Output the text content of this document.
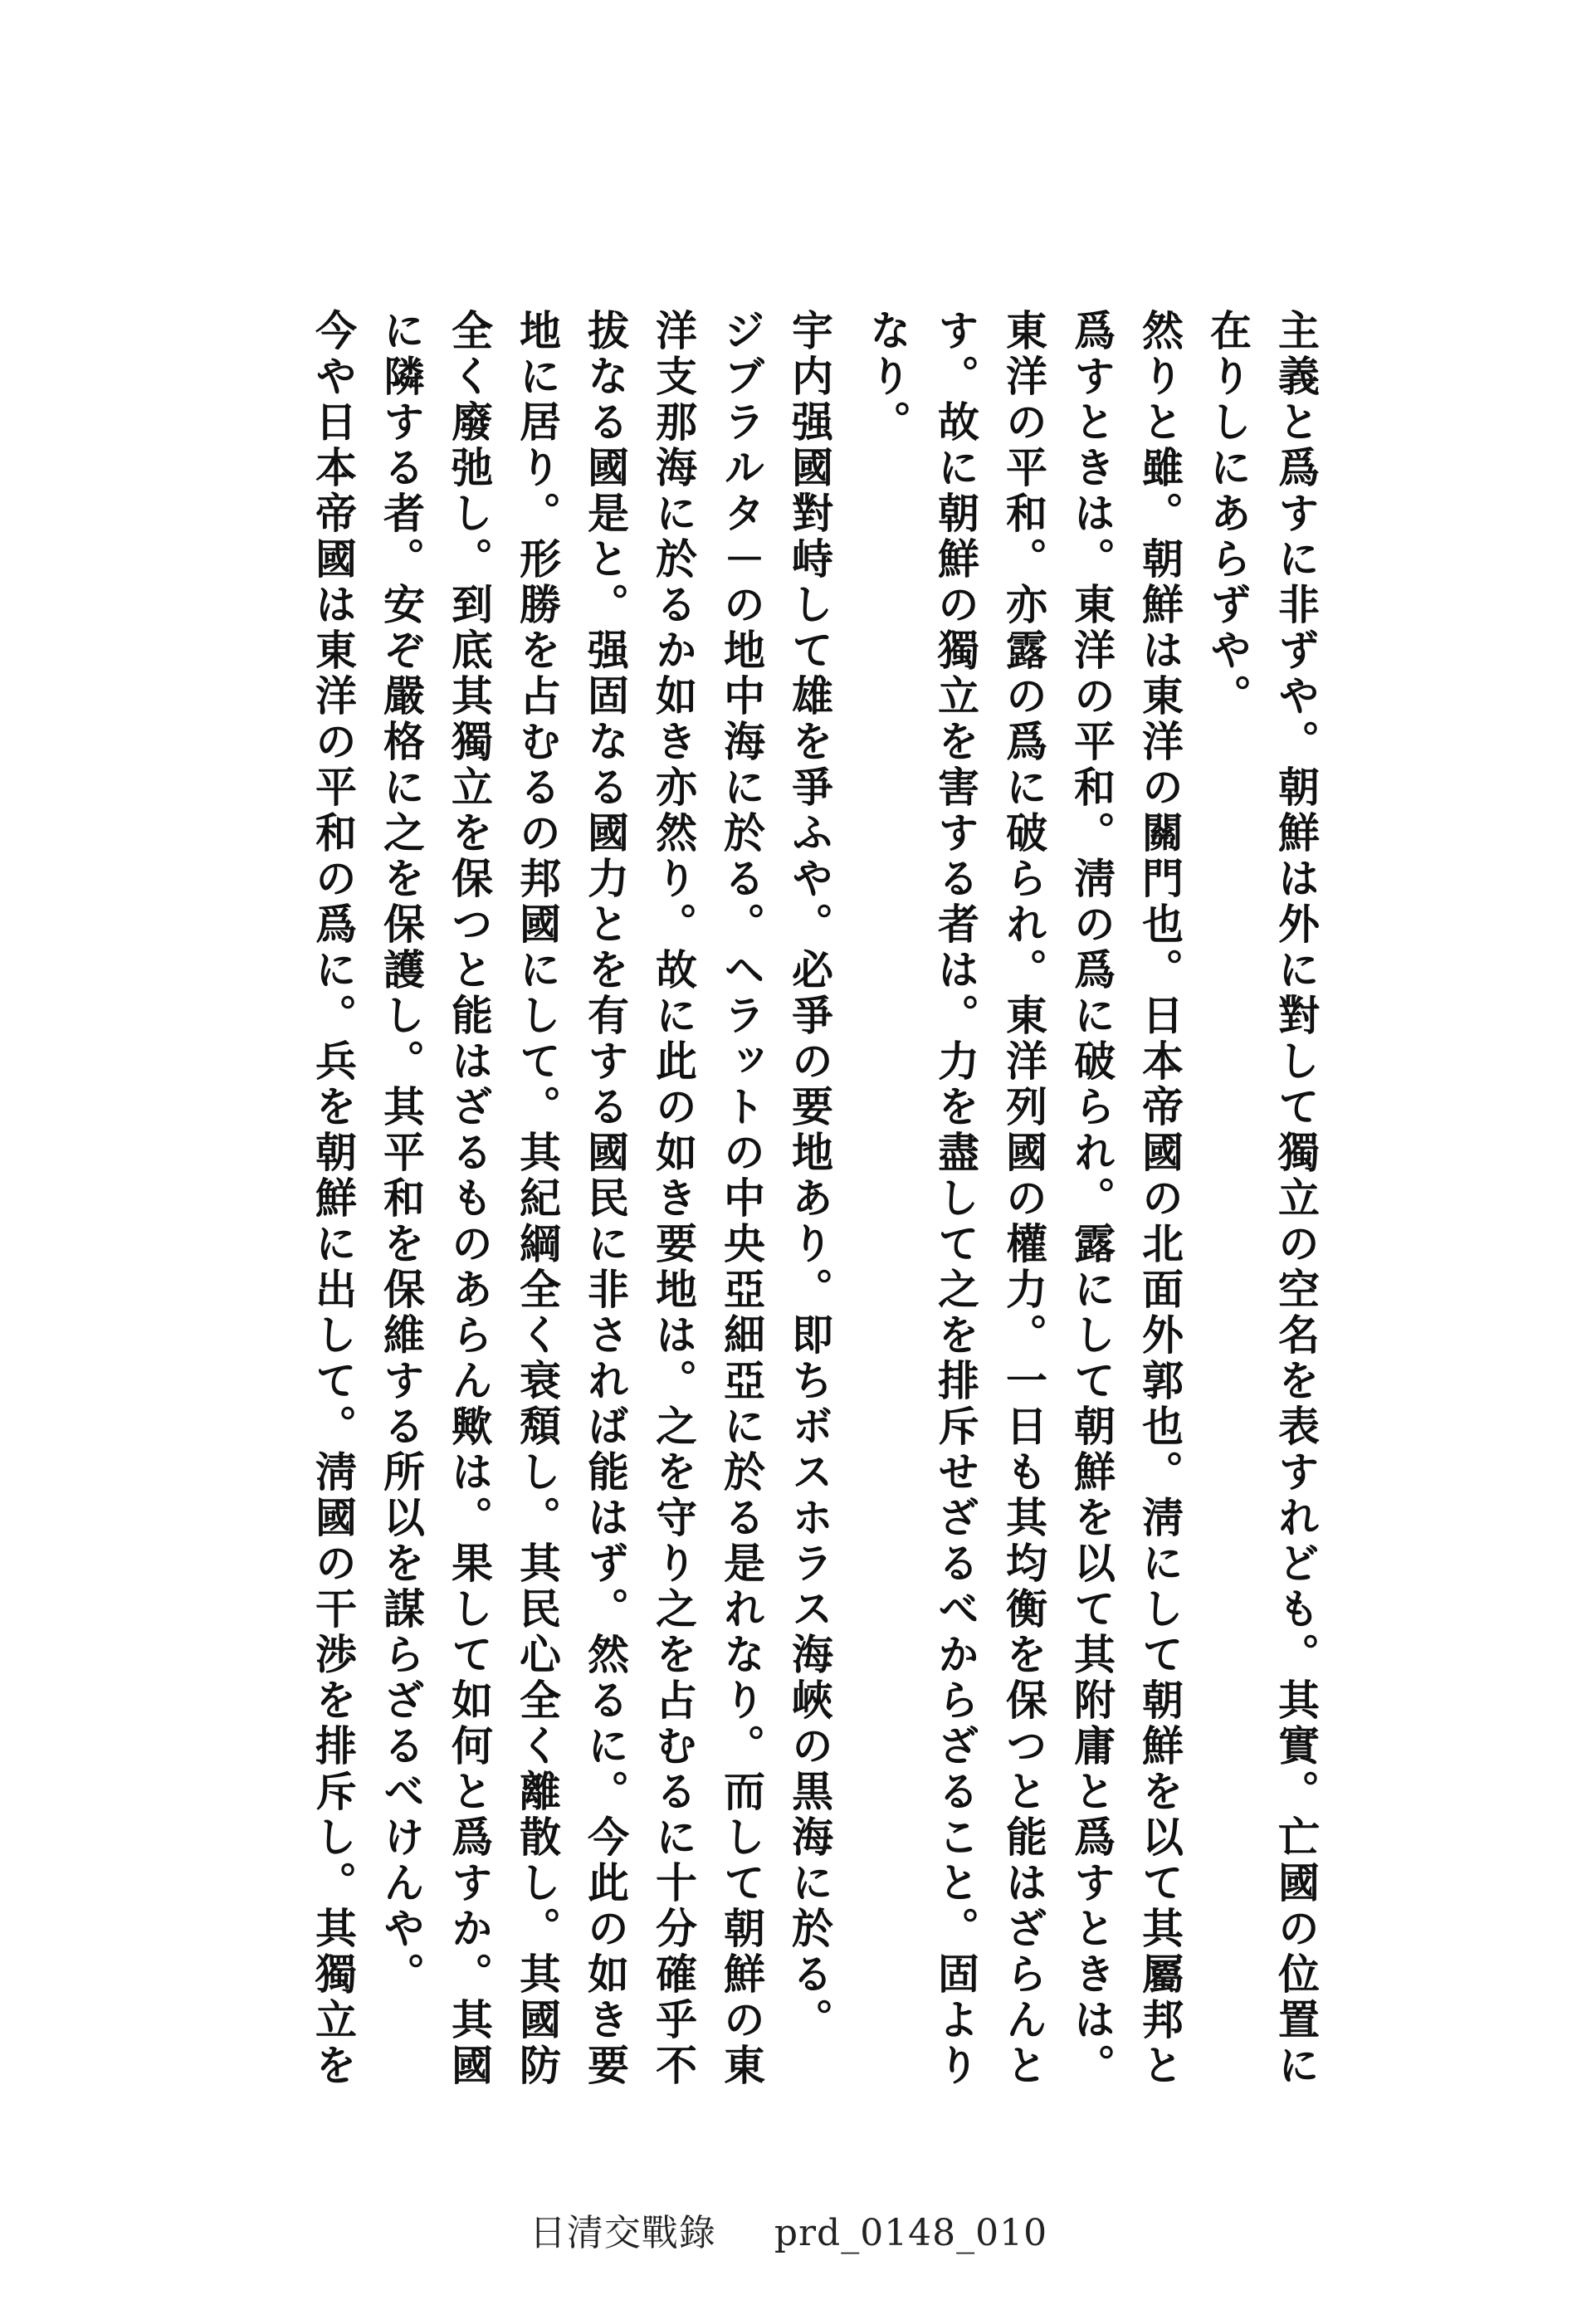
主義と爲すに非ずや。朝鮮は外に對して獨立の空名を表すれども。其實。亡國の位置に
在りしにあらずや。
然りと雖。朝鮮は東洋の關門也。日本帝國の北面外郭也。淸にして朝鮮を以て其屬邦と
爲すときは。東洋の平和。淸の爲に破られ。露にして朝鮮を以て其附庸と爲すときは。
東洋の平和。亦露の爲に破られ。東洋列國の權力。一日も其均衡を保つと能はざらんと
す。故に朝鮮の獨立を害する者は。力を盡して之を排斥せざるべからざること。固より
なり。
宇内强國對峙して雄を爭ふや。必爭の要地あり。即ちボスホラス海峽の黒海に於る。
ジブラルタ－の地中海に於る。ヘラットの中央亞細亞に於る是れなり。而して朝鮮の東
洋支那海に於るか如き亦然り。故に此の如き要地は。之を守り之を占むるに十分確乎不
拔なる國是と。强固なる國力とを有する國民に非されば能はず。然るに。今此の如き要
地に居り。形勝を占むるの邦國にして。其紀綱全く衰頽し。其民心全く離散し。其國防
全く廢弛し。到底其獨立を保つと能はざるものあらん歟は。果して如何と爲すか。其國
に隣する者。安ぞ嚴格に之を保護し。其平和を保維する所以を謀らざるべけんや。
今や日本帝國は東洋の平和の爲に。兵を朝鮮に出して。淸國の干渉を排斥し。其獨立を
日清交戰錄 prd_0148_010
